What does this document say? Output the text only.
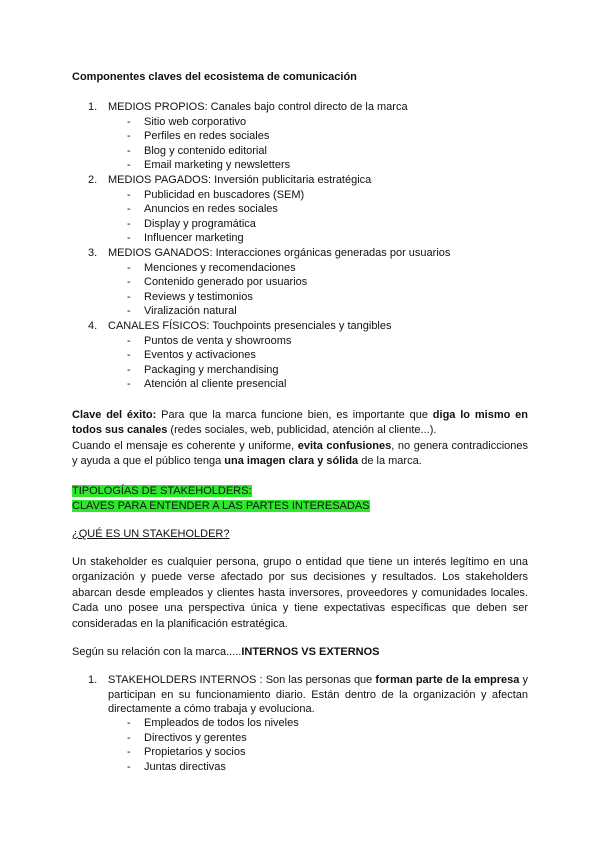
Componentes claves del ecosistema de comunicación
1. MEDIOS PROPIOS: Canales bajo control directo de la marca
- Sitio web corporativo
- Perfiles en redes sociales
- Blog y contenido editorial
- Email marketing y newsletters
2. MEDIOS PAGADOS: Inversión publicitaria estratégica
- Publicidad en buscadores (SEM)
- Anuncios en redes sociales
- Display y programática
- Influencer marketing
3. MEDIOS GANADOS: Interacciones orgánicas generadas por usuarios
- Menciones y recomendaciones
- Contenido generado por usuarios
- Reviews y testimonios
- Viralización natural
4. CANALES FÍSICOS: Touchpoints presenciales y tangibles
- Puntos de venta y showrooms
- Eventos y activaciones
- Packaging y merchandising
- Atención al cliente presencial
Clave del éxito: Para que la marca funcione bien, es importante que diga lo mismo en todos sus canales (redes sociales, web, publicidad, atención al cliente...).
Cuando el mensaje es coherente y uniforme, evita confusiones, no genera contradicciones y ayuda a que el público tenga una imagen clara y sólida de la marca.
TIPOLOGÍAS DE STAKEHOLDERS:
CLAVES PARA ENTENDER A LAS PARTES INTERESADAS
¿QUÉ ES UN STAKEHOLDER?
Un stakeholder es cualquier persona, grupo o entidad que tiene un interés legítimo en una organización y puede verse afectado por sus decisiones y resultados. Los stakeholders abarcan desde empleados y clientes hasta inversores, proveedores y comunidades locales. Cada uno posee una perspectiva única y tiene expectativas específicas que deben ser consideradas en la planificación estratégica.
Según su relación con la marca.....INTERNOS VS EXTERNOS
1. STAKEHOLDERS INTERNOS : Son las personas que forman parte de la empresa y participan en su funcionamiento diario. Están dentro de la organización y afectan directamente a cómo trabaja y evoluciona.
- Empleados de todos los niveles
- Directivos y gerentes
- Propietarios y socios
- Juntas directivas
